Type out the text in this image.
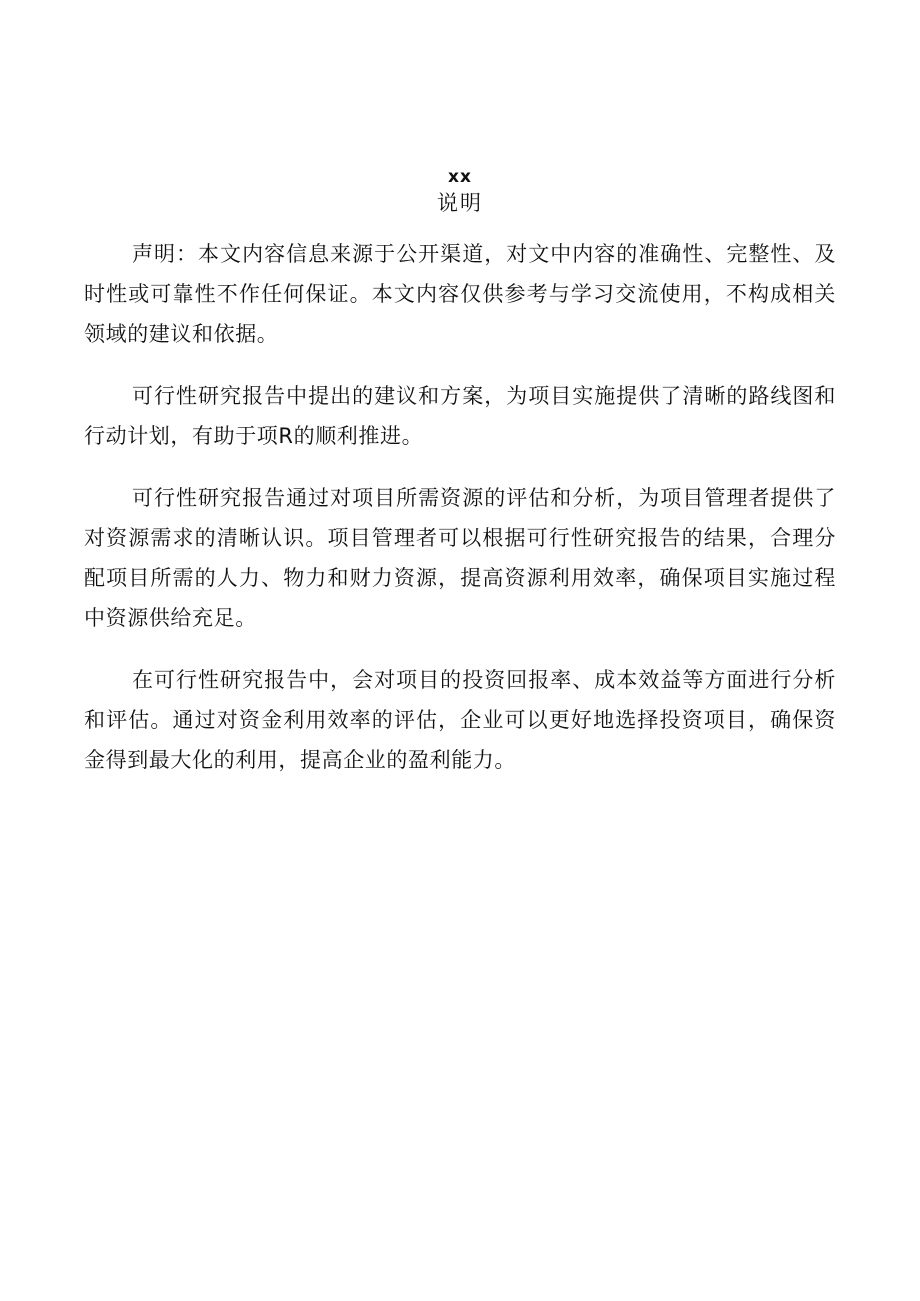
xx
说明

声明：本文内容信息来源于公开渠道，对文中内容的准确性、完整性、及时性或可靠性不作任何保证。本文内容仅供参考与学习交流使用，不构成相关领域的建议和依据。

可行性研究报告中提出的建议和方案，为项目实施提供了清晰的路线图和行动计划，有助于项R的顺利推进。

可行性研究报告通过对项目所需资源的评估和分析，为项目管理者提供了对资源需求的清晰认识。项目管理者可以根据可行性研究报告的结果，合理分配项目所需的人力、物力和财力资源，提高资源利用效率，确保项目实施过程中资源供给充足。

在可行性研究报告中，会对项目的投资回报率、成本效益等方面进行分析和评估。通过对资金利用效率的评估，企业可以更好地选择投资项目，确保资金得到最大化的利用，提高企业的盈利能力。
